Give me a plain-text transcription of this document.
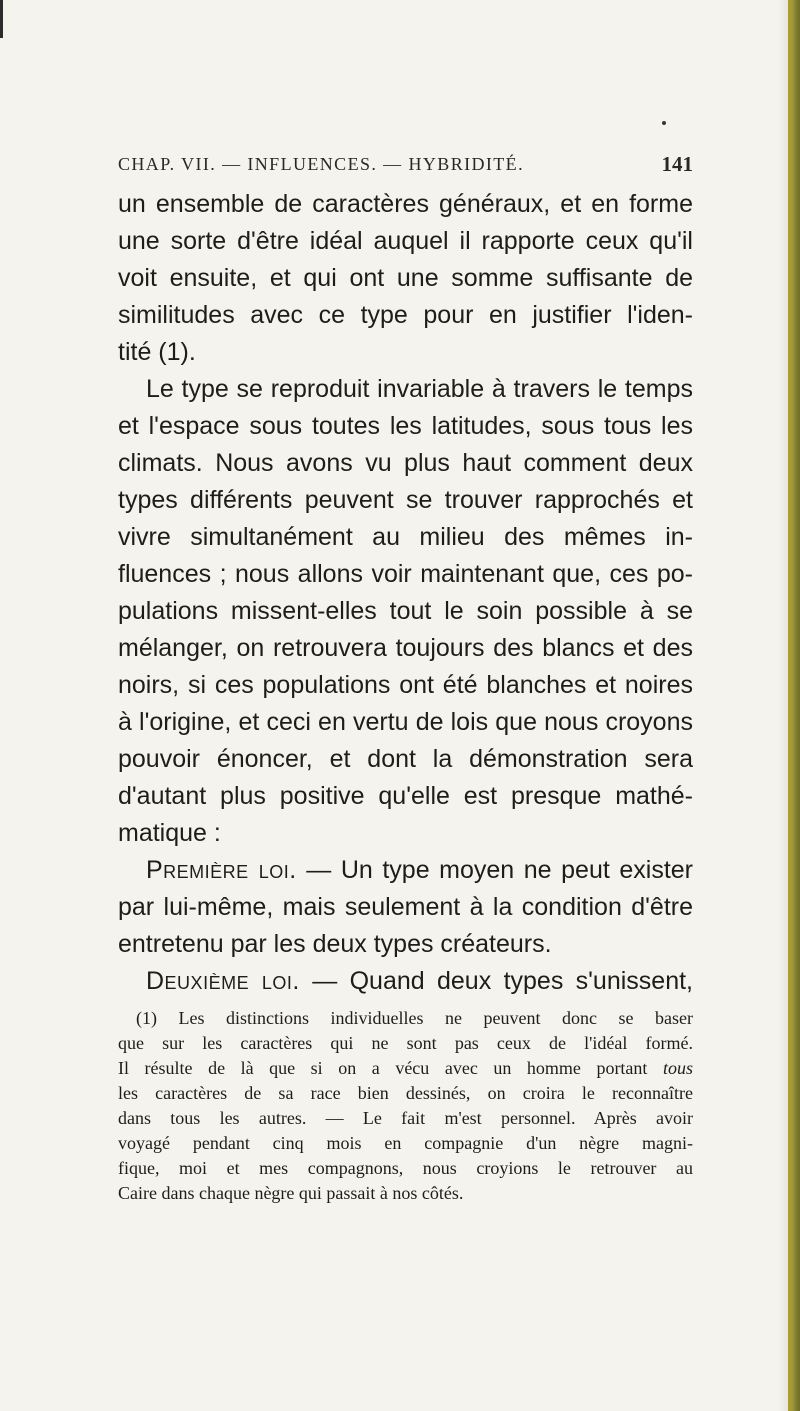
CHAP. VII. — INFLUENCES. — HYBRIDITÉ.	141
un ensemble de caractères généraux, et en forme
une sorte d'être idéal auquel il rapporte ceux qu'il
voit ensuite, et qui ont une somme suffisante de
similitudes avec ce type pour en justifier l'iden-
tité (1).
Le type se reproduit invariable à travers le temps
et l'espace sous toutes les latitudes, sous tous les
climats. Nous avons vu plus haut comment deux
types différents peuvent se trouver rapprochés et
vivre simultanément au milieu des mêmes in-
fluences ; nous allons voir maintenant que, ces po-
pulations missent-elles tout le soin possible à se
mélanger, on retrouvera toujours des blancs et des
noirs, si ces populations ont été blanches et noires
à l'origine, et ceci en vertu de lois que nous croyons
pouvoir énoncer, et dont la démonstration sera
d'autant plus positive qu'elle est presque mathé-
matique :
Première loi. — Un type moyen ne peut exister
par lui-même, mais seulement à la condition d'être
entretenu par les deux types créateurs.
Deuxième loi. — Quand deux types s'unissent,
(1) Les distinctions individuelles ne peuvent donc se baser
que sur les caractères qui ne sont pas ceux de l'idéal formé.
Il résulte de là que si on a vécu avec un homme portant tous
les caractères de sa race bien dessinés, on croira le reconnaître
dans tous les autres. — Le fait m'est personnel. Après avoir
voyagé pendant cinq mois en compagnie d'un nègre magni-
fique, moi et mes compagnons, nous croyions le retrouver au
Caire dans chaque nègre qui passait à nos côtés.
